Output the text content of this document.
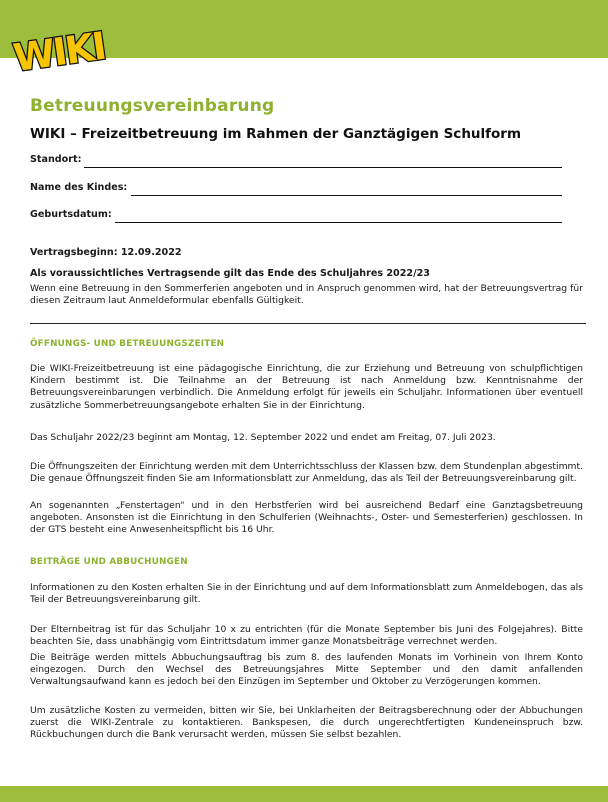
WIKI
Betreuungsvereinbarung
WIKI – Freizeitbetreuung im Rahmen der Ganztägigen Schulform
Standort:
Name des Kindes:
Geburtsdatum:
Vertragsbeginn: 12.09.2022
Als voraussichtliches Vertragsende gilt das Ende des Schuljahres 2022/23

Wenn eine Betreuung in den Sommerferien angeboten und in Anspruch genommen wird, hat der Betreuungsvertrag für diesen Zeitraum laut Anmeldeformular ebenfalls Gültigkeit.

ÖFFNUNGS- UND BETREUUNGSZEITEN

Die WIKI-Freizeitbetreuung ist eine pädagogische Einrichtung, die zur Erziehung und Betreuung von schulpflichtigen Kindern bestimmt ist. Die Teilnahme an der Betreuung ist nach Anmeldung bzw. Kenntnisnahme der Betreuungsvereinbarungen verbindlich. Die Anmeldung erfolgt für jeweils ein Schuljahr. Informationen über eventuell zusätzliche Sommerbetreuungsangebote erhalten Sie in der Einrichtung.

Das Schuljahr 2022/23 beginnt am Montag, 12. September 2022 und endet am Freitag, 07. Juli 2023.

Die Öffnungszeiten der Einrichtung werden mit dem Unterrichtsschluss der Klassen bzw. dem Stundenplan abgestimmt. Die genaue Öffnungszeit finden Sie am Informationsblatt zur Anmeldung, das als Teil der Betreuungsvereinbarung gilt.

An sogenannten „Fenstertagen“ und in den Herbstferien wird bei ausreichend Bedarf eine Ganztagsbetreuung angeboten. Ansonsten ist die Einrichtung in den Schulferien (Weihnachts-, Oster- und Semesterferien) geschlossen. In der GTS besteht eine Anwesenheitspflicht bis 16 Uhr.

BEITRÄGE UND ABBUCHUNGEN

Informationen zu den Kosten erhalten Sie in der Einrichtung und auf dem Informationsblatt zum Anmeldebogen, das als Teil der Betreuungsvereinbarung gilt.

Der Elternbeitrag ist für das Schuljahr 10 x zu entrichten (für die Monate September bis Juni des Folgejahres). Bitte beachten Sie, dass unabhängig vom Eintrittsdatum immer ganze Monatsbeiträge verrechnet werden.

Die Beiträge werden mittels Abbuchungsauftrag bis zum 8. des laufenden Monats im Vorhinein von Ihrem Konto eingezogen. Durch den Wechsel des Betreuungsjahres Mitte September und den damit anfallenden Verwaltungsaufwand kann es jedoch bei den Einzügen im September und Oktober zu Verzögerungen kommen.

Um zusätzliche Kosten zu vermeiden, bitten wir Sie, bei Unklarheiten der Beitragsberechnung oder der Abbuchungen zuerst die WIKI-Zentrale zu kontaktieren. Bankspesen, die durch ungerechtfertigten Kundeneinspruch bzw. Rückbuchungen durch die Bank verursacht werden, müssen Sie selbst bezahlen.
